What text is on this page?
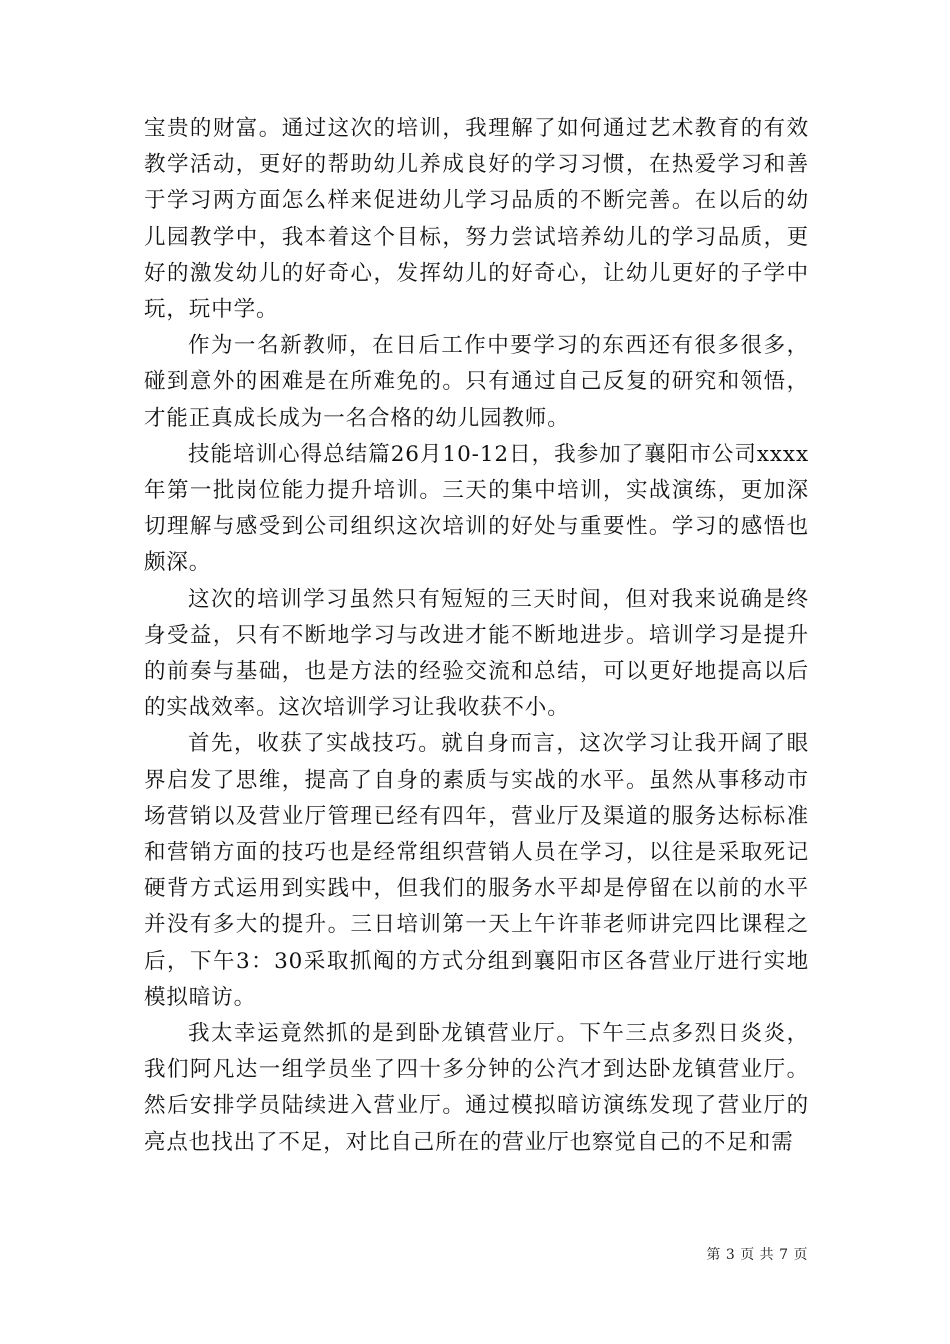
宝贵的财富。通过这次的培训，我理解了如何通过艺术教育的有效教学活动，更好的帮助幼儿养成良好的学习习惯，在热爱学习和善于学习两方面怎么样来促进幼儿学习品质的不断完善。在以后的幼儿园教学中，我本着这个目标，努力尝试培养幼儿的学习品质，更好的激发幼儿的好奇心，发挥幼儿的好奇心，让幼儿更好的子学中玩，玩中学。

作为一名新教师，在日后工作中要学习的东西还有很多很多，碰到意外的困难是在所难免的。只有通过自己反复的研究和领悟，才能正真成长成为一名合格的幼儿园教师。

技能培训心得总结篇26月10-12日，我参加了襄阳市公司xxxx年第一批岗位能力提升培训。三天的集中培训，实战演练，更加深切理解与感受到公司组织这次培训的好处与重要性。学习的感悟也颇深。

这次的培训学习虽然只有短短的三天时间，但对我来说确是终身受益，只有不断地学习与改进才能不断地进步。培训学习是提升的前奏与基础，也是方法的经验交流和总结，可以更好地提高以后的实战效率。这次培训学习让我收获不小。

首先，收获了实战技巧。就自身而言，这次学习让我开阔了眼界启发了思维，提高了自身的素质与实战的水平。虽然从事移动市场营销以及营业厅管理已经有四年，营业厅及渠道的服务达标标准和营销方面的技巧也是经常组织营销人员在学习，以往是采取死记硬背方式运用到实践中，但我们的服务水平却是停留在以前的水平并没有多大的提升。三日培训第一天上午许菲老师讲完四比课程之后，下午3：30采取抓阄的方式分组到襄阳市区各营业厅进行实地模拟暗访。

我太幸运竟然抓的是到卧龙镇营业厅。下午三点多烈日炎炎，我们阿凡达一组学员坐了四十多分钟的公汽才到达卧龙镇营业厅。然后安排学员陆续进入营业厅。通过模拟暗访演练发现了营业厅的亮点也找出了不足，对比自己所在的营业厅也察觉自己的不足和需

第 3 页 共 7 页
